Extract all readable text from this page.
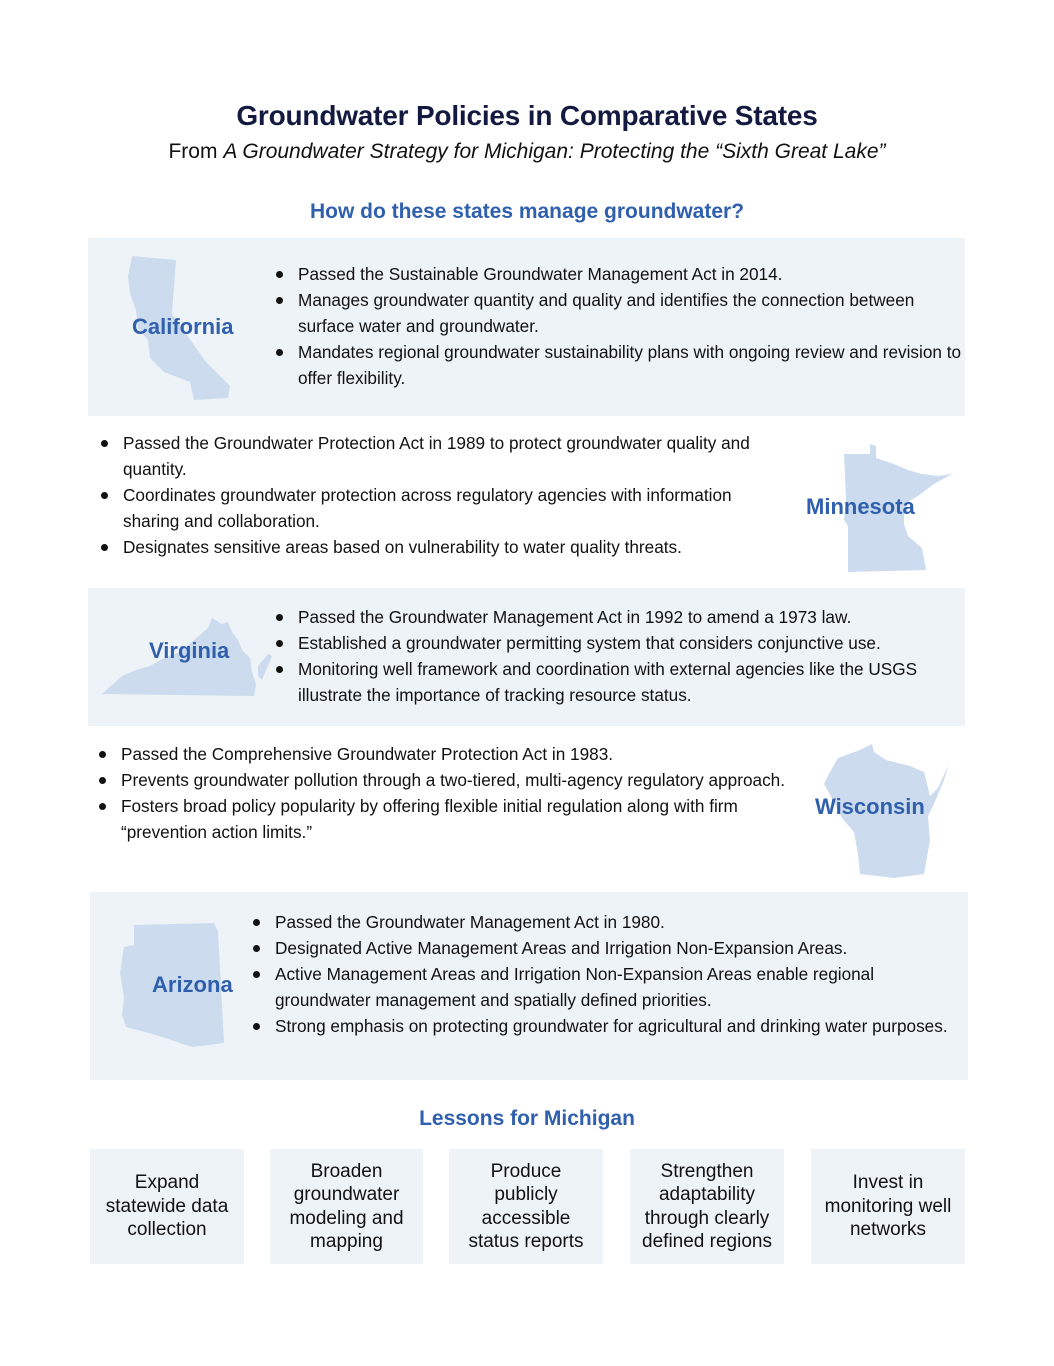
Groundwater Policies in Comparative States
From A Groundwater Strategy for Michigan: Protecting the “Sixth Great Lake”
How do these states manage groundwater?
California
Passed the Sustainable Groundwater Management Act in 2014.
Manages groundwater quantity and quality and identifies the connection between surface water and groundwater.
Mandates regional groundwater sustainability plans with ongoing review and revision to offer flexibility.
Passed the Groundwater Protection Act in 1989 to protect groundwater quality and quantity.
Coordinates groundwater protection across regulatory agencies with information sharing and collaboration.
Designates sensitive areas based on vulnerability to water quality threats.
Minnesota
Virginia
Passed the Groundwater Management Act in 1992 to amend a 1973 law.
Established a groundwater permitting system that considers conjunctive use.
Monitoring well framework and coordination with external agencies like the USGS illustrate the importance of tracking resource status.
Passed the Comprehensive Groundwater Protection Act in 1983.
Prevents groundwater pollution through a two-tiered, multi-agency regulatory approach.
Fosters broad policy popularity by offering flexible initial regulation along with firm “prevention action limits.”
Wisconsin
Arizona
Passed the Groundwater Management Act in 1980.
Designated Active Management Areas and Irrigation Non-Expansion Areas.
Active Management Areas and Irrigation Non-Expansion Areas enable regional groundwater management and spatially defined priorities.
Strong emphasis on protecting groundwater for agricultural and drinking water purposes.
Lessons for Michigan
Expand statewide data collection
Broaden groundwater modeling and mapping
Produce publicly accessible status reports
Strengthen adaptability through clearly defined regions
Invest in monitoring well networks
